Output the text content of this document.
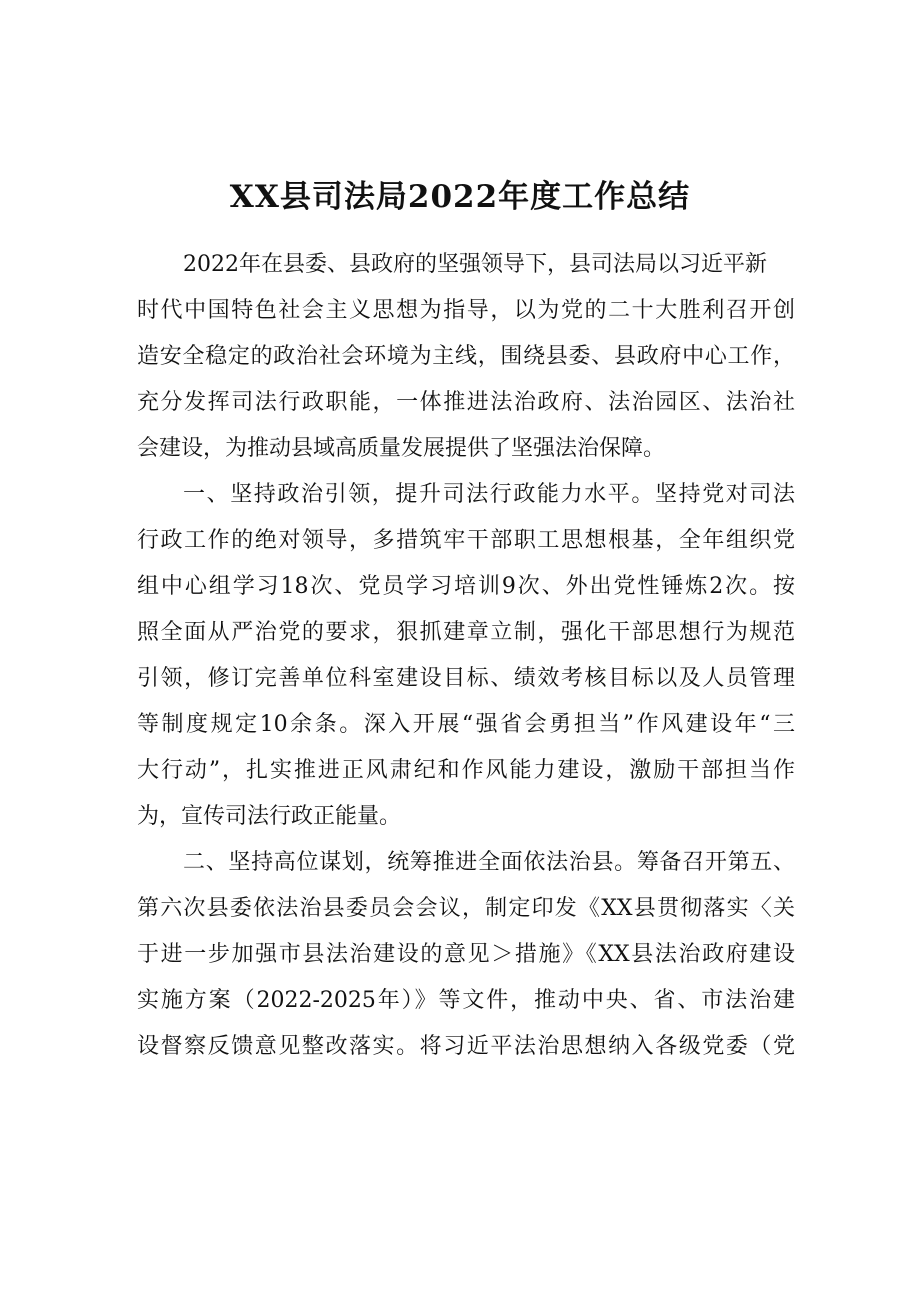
XX县司法局2022年度工作总结
2022年在县委、县政府的坚强领导下，县司法局以习近平新
时代中国特色社会主义思想为指导，以为党的二十大胜利召开创
造安全稳定的政治社会环境为主线，围绕县委、县政府中心工作，
充分发挥司法行政职能，一体推进法治政府、法治园区、法治社
会建设，为推动县域高质量发展提供了坚强法治保障。
一、坚持政治引领，提升司法行政能力水平。坚持党对司法
行政工作的绝对领导，多措筑牢干部职工思想根基，全年组织党
组中心组学习18次、党员学习培训9次、外出党性锤炼2次。按
照全面从严治党的要求，狠抓建章立制，强化干部思想行为规范
引领，修订完善单位科室建设目标、绩效考核目标以及人员管理
等制度规定10余条。深入开展“强省会勇担当”作风建设年“三
大行动”，扎实推进正风肃纪和作风能力建设，激励干部担当作
为，宣传司法行政正能量。
二、坚持高位谋划，统筹推进全面依法治县。筹备召开第五、
第六次县委依法治县委员会会议，制定印发《XX县贯彻落实〈关
于进一步加强市县法治建设的意见＞措施》《XX县法治政府建设
实施方案（2022-2025年）》等文件，推动中央、省、市法治建
设督察反馈意见整改落实。将习近平法治思想纳入各级党委（党
